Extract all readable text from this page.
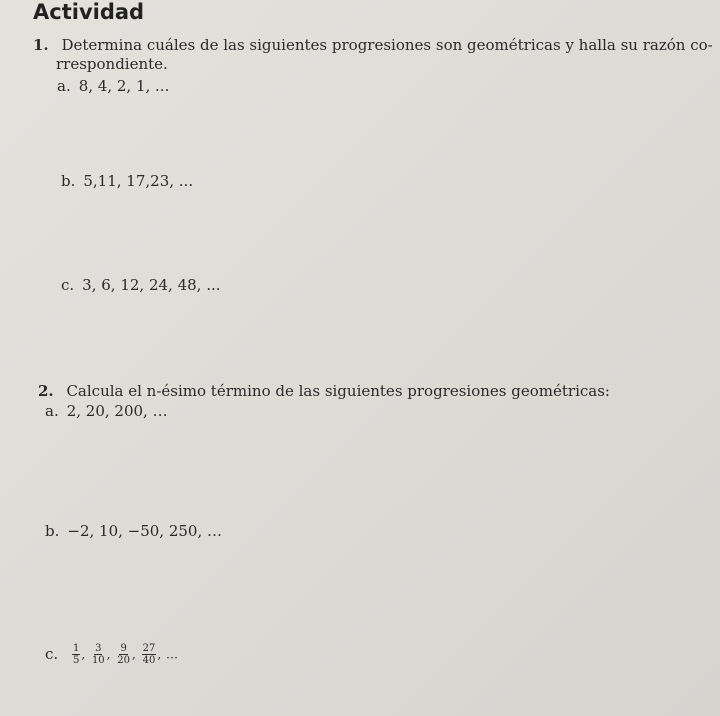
Actividad
1. Determina cuáles de las siguientes progresiones son geométricas y halla su razón co-
rrespondiente.
a. 8, 4, 2, 1, ...
b. 5,11, 17,23, ...
c. 3, 6, 12, 24, 48, ...
2. Calcula el n-ésimo término de las siguientes progresiones geométricas:
a. 2, 20, 200, …
b. −2, 10, −50, 250, …
c. $\frac{1}{5}$ , $\frac{3}{10}$ , $\frac{9}{20}$ , $\frac{27}{40}$ , …
